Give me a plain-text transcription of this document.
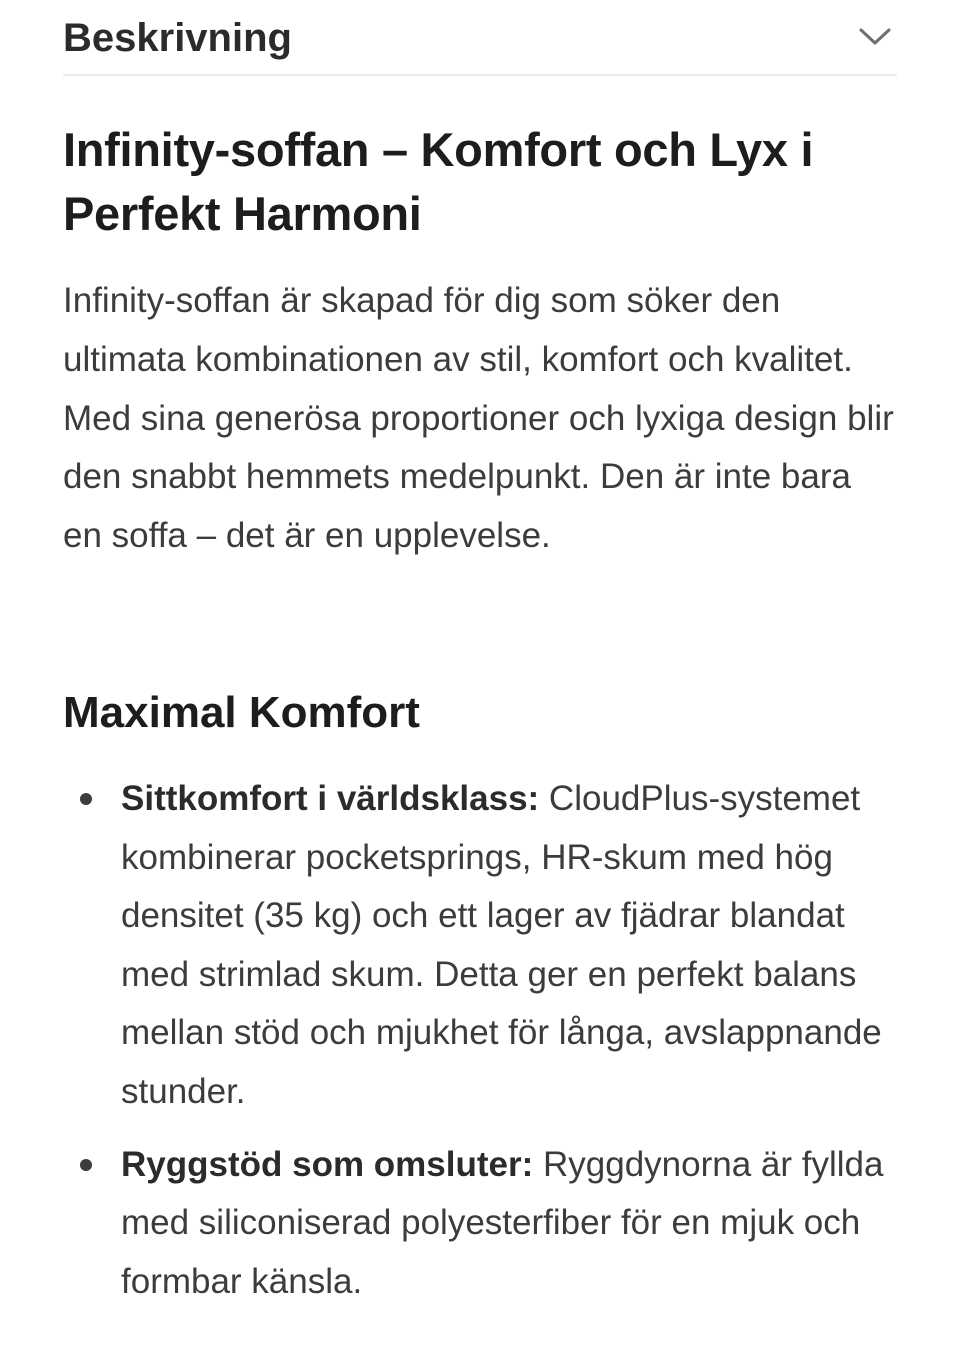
Beskrivning
Infinity-soffan – Komfort och Lyx i Perfekt Harmoni

Infinity-soffan är skapad för dig som söker den ultimata kombinationen av stil, komfort och kvalitet. Med sina generösa proportioner och lyxiga design blir den snabbt hemmets medelpunkt. Den är inte bara en soffa – det är en upplevelse.

Maximal Komfort
Sittkomfort i världsklass: CloudPlus-systemet kombinerar pocketsprings, HR-skum med hög densitet (35 kg) och ett lager av fjädrar blandat med strimlad skum. Detta ger en perfekt balans mellan stöd och mjukhet för långa, avslappnande stunder.
Ryggstöd som omsluter: Ryggdynorna är fyllda med siliconiserad polyesterfiber för en mjuk och formbar känsla.
